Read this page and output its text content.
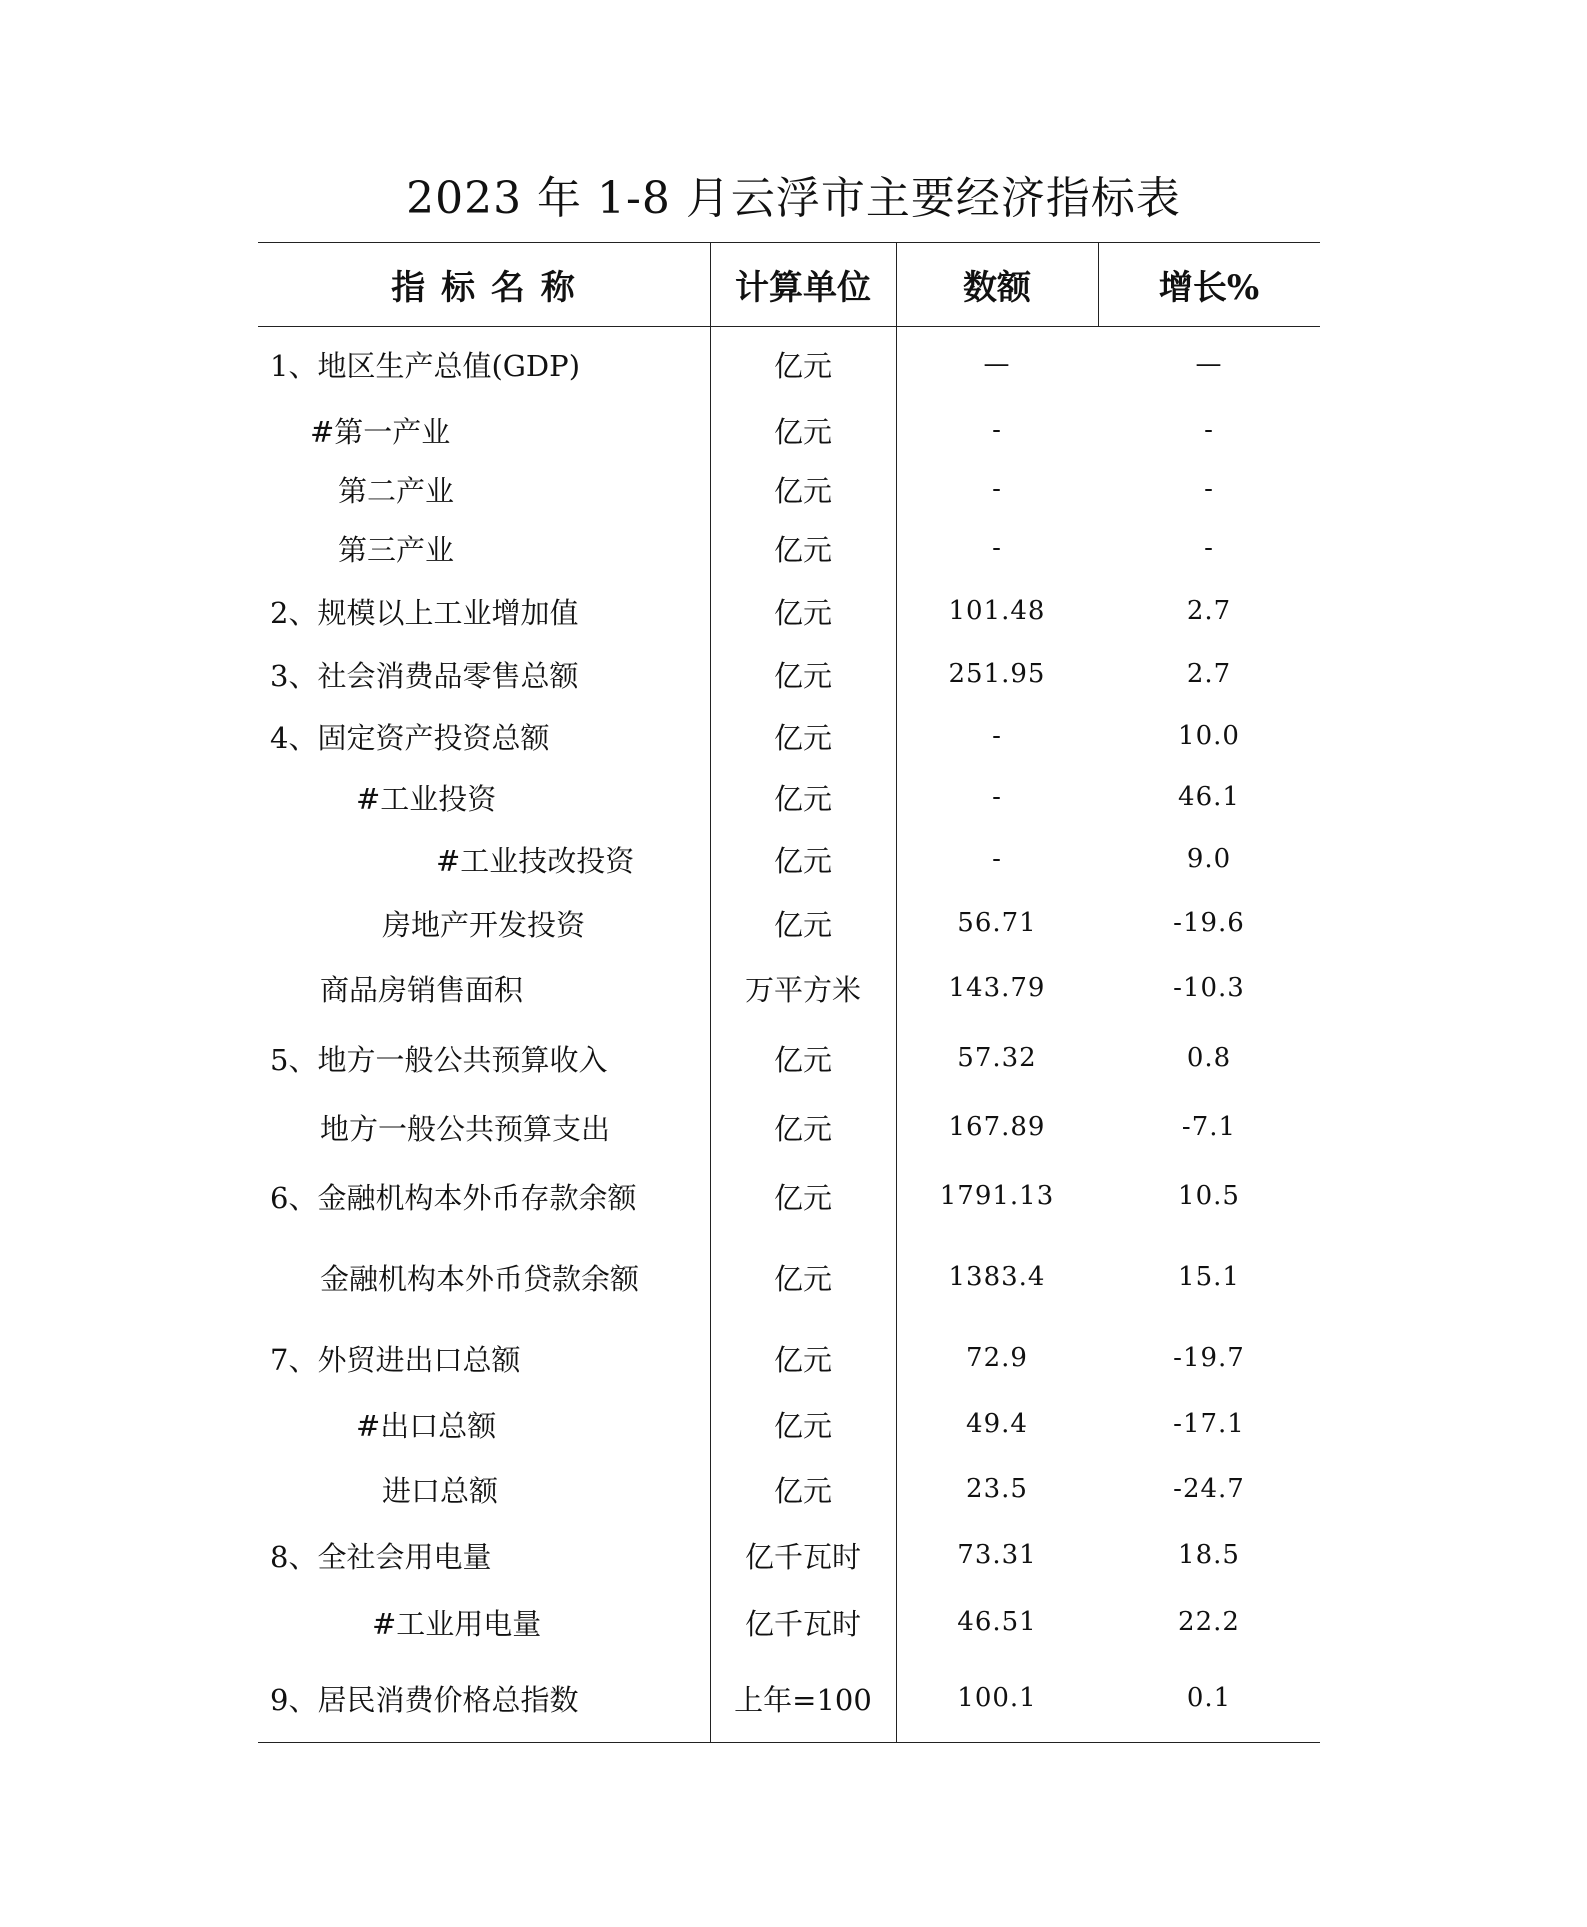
2023 年 1-8 月云浮市主要经济指标表
指 标 名 称	计算单位	数额	增长%
1、地区生产总值(GDP)	亿元	—	—
#第一产业	亿元	-	-
第二产业	亿元	-	-
第三产业	亿元	-	-
2、规模以上工业增加值	亿元	101.48	2.7
3、社会消费品零售总额	亿元	251.95	2.7
4、固定资产投资总额	亿元	-	10.0
#工业投资	亿元	-	46.1
#工业技改投资	亿元	-	9.0
房地产开发投资	亿元	56.71	-19.6
商品房销售面积	万平方米	143.79	-10.3
5、地方一般公共预算收入	亿元	57.32	0.8
地方一般公共预算支出	亿元	167.89	-7.1
6、金融机构本外币存款余额	亿元	1791.13	10.5
金融机构本外币贷款余额	亿元	1383.4	15.1
7、外贸进出口总额	亿元	72.9	-19.7
#出口总额	亿元	49.4	-17.1
进口总额	亿元	23.5	-24.7
8、全社会用电量	亿千瓦时	73.31	18.5
#工业用电量	亿千瓦时	46.51	22.2
9、居民消费价格总指数	上年=100	100.1	0.1
